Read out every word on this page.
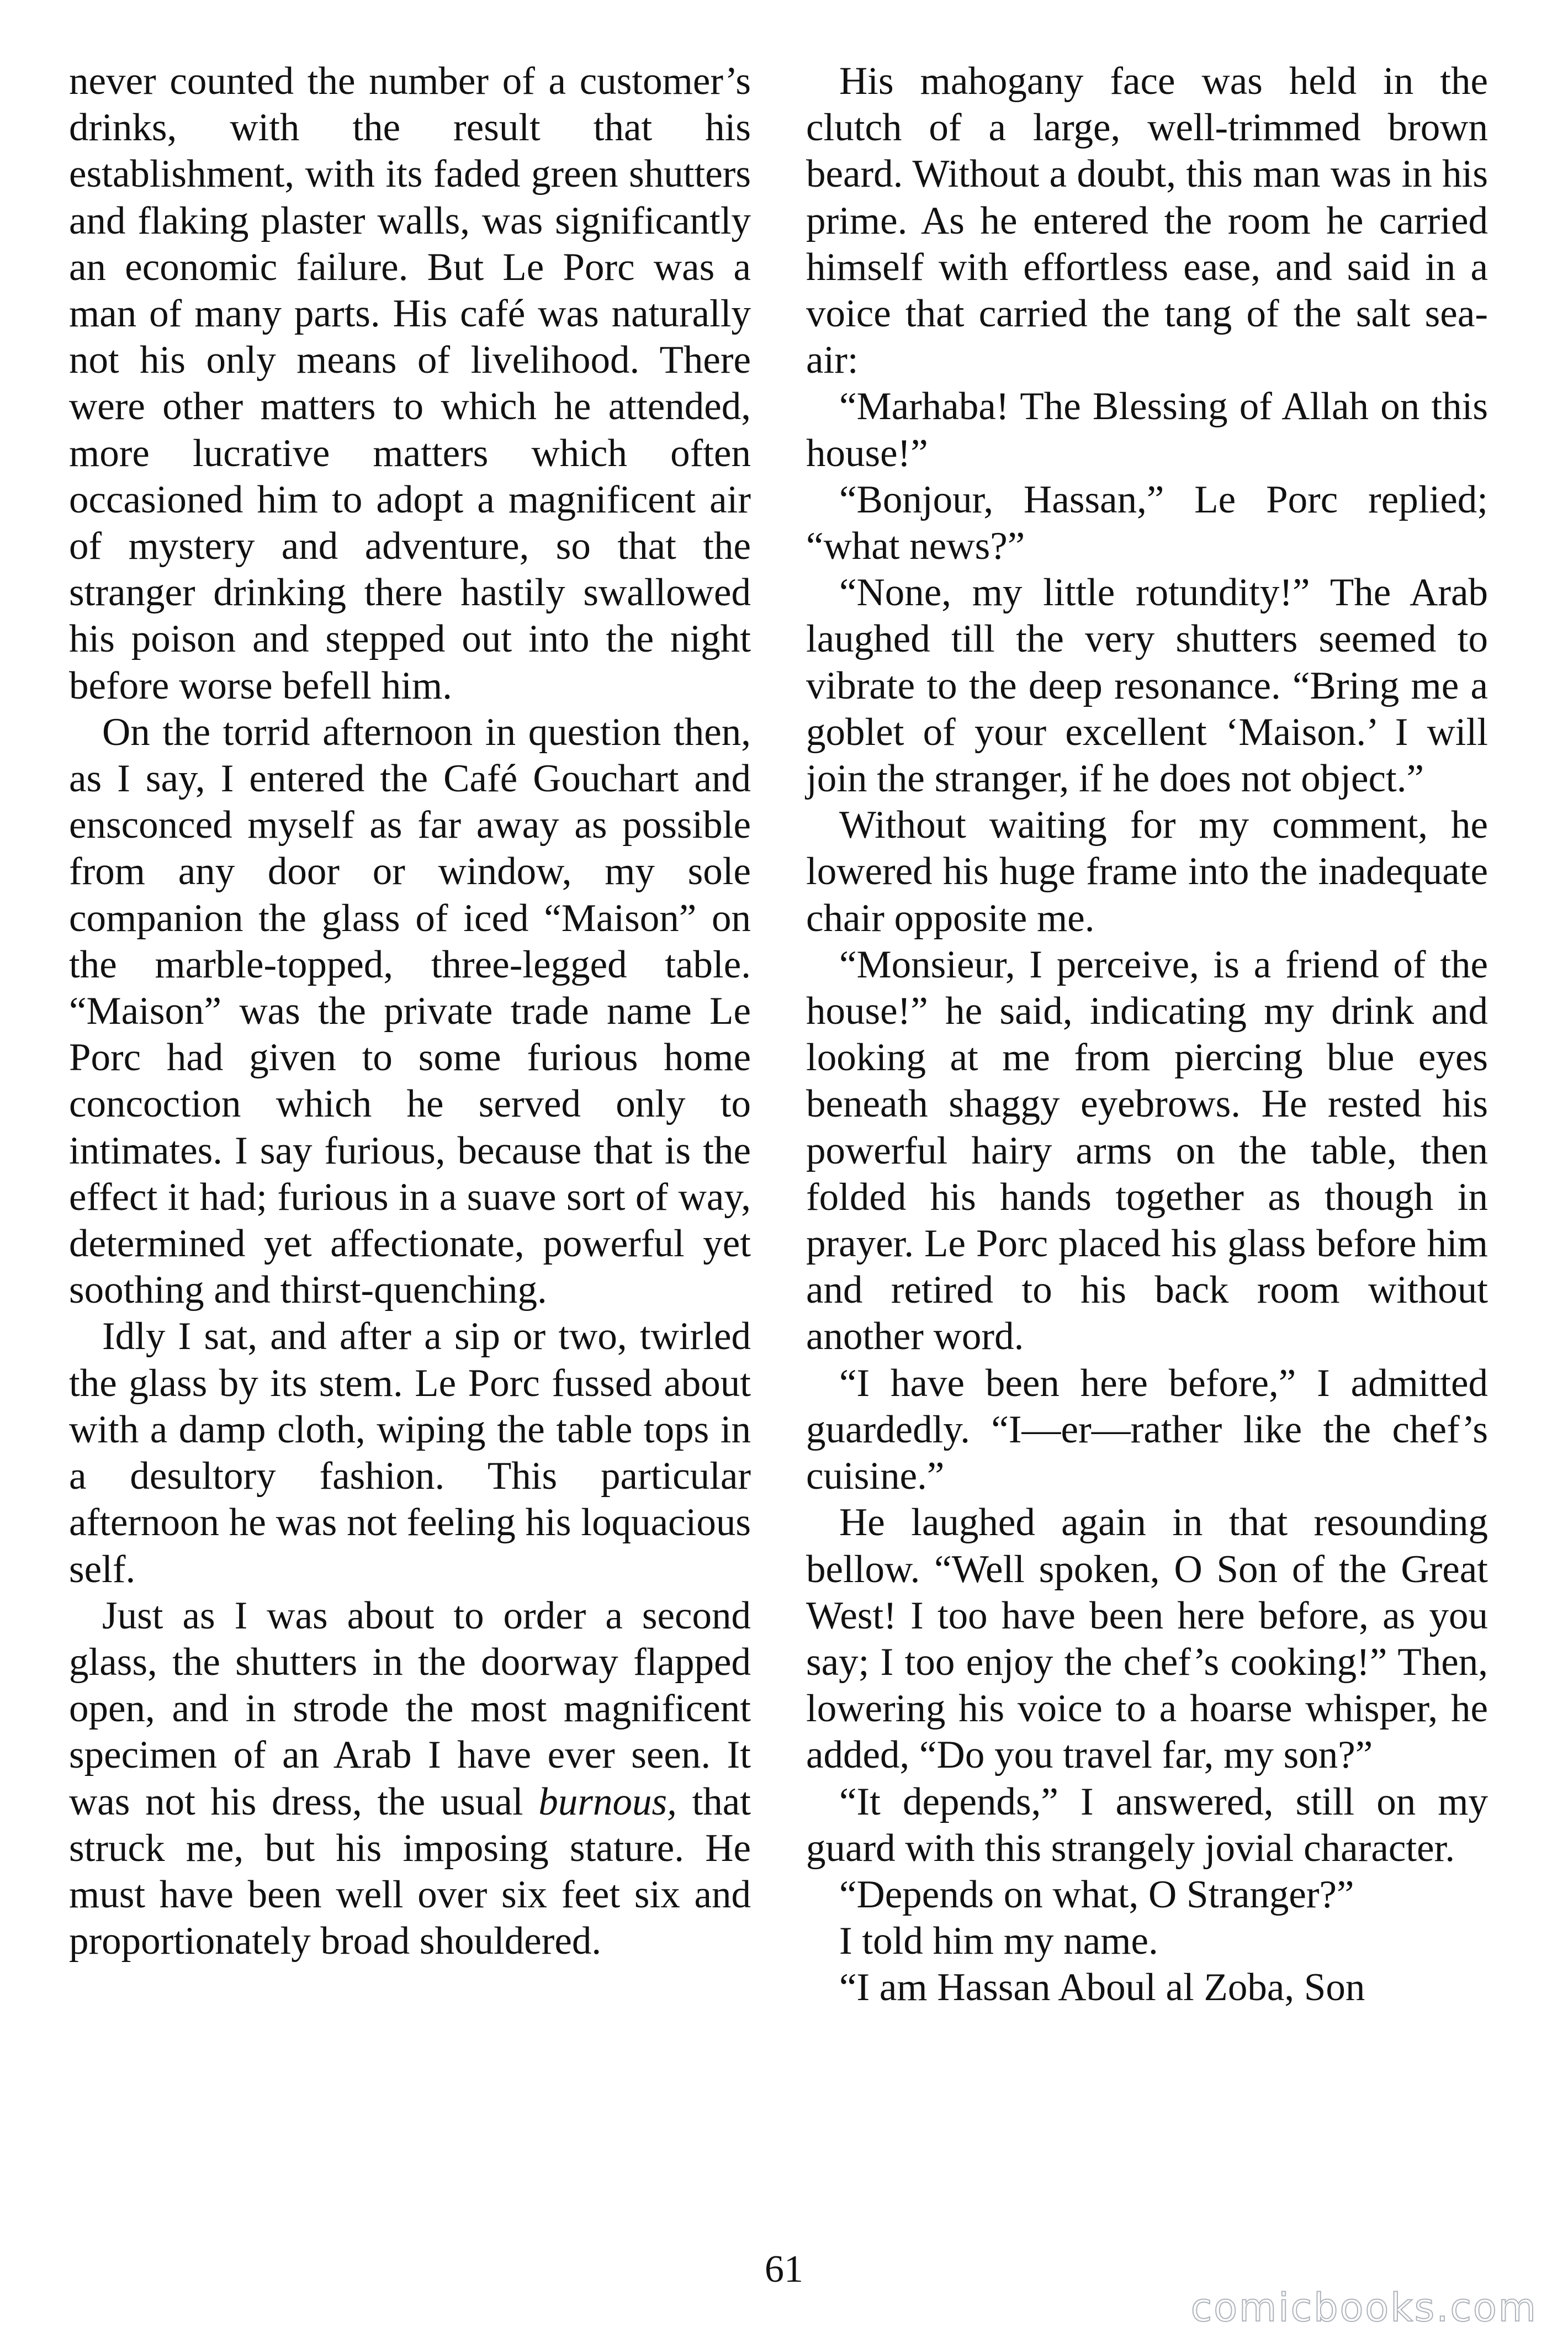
never counted the number of a customer’s drinks, with the result that his establishment, with its faded green shutters and flaking plaster walls, was significantly an economic failure. But Le Porc was a man of many parts. His café was naturally not his only means of livelihood. There were other matters to which he attended, more lucrative matters which often occasioned him to adopt a magnificent air of mystery and adventure, so that the stranger drinking there hastily swallowed his poison and stepped out into the night before worse befell him.

On the torrid afternoon in question then, as I say, I entered the Café Gouchart and ensconced myself as far away as possible from any door or window, my sole companion the glass of iced “Maison” on the marble-topped, three-legged table. “Maison” was the private trade name Le Porc had given to some furious home concoction which he served only to intimates. I say furious, because that is the effect it had; furious in a suave sort of way, determined yet affectionate, powerful yet soothing and thirst-quenching.

Idly I sat, and after a sip or two, twirled the glass by its stem. Le Porc fussed about with a damp cloth, wiping the table tops in a desultory fashion. This particular afternoon he was not feeling his loquacious self.

Just as I was about to order a second glass, the shutters in the doorway flapped open, and in strode the most magnificent specimen of an Arab I have ever seen. It was not his dress, the usual burnous, that struck me, but his imposing stature. He must have been well over six feet six and proportionately broad shouldered.

His mahogany face was held in the clutch of a large, well-trimmed brown beard. Without a doubt, this man was in his prime. As he entered the room he carried himself with effortless ease, and said in a voice that carried the tang of the salt seaair:

“Marhaba! The Blessing of Allah on this house!”

“Bonjour, Hassan,” Le Porc replied; “what news?”

“None, my little rotundity!” The Arab laughed till the very shutters seemed to vibrate to the deep resonance. “Bring me a goblet of your excellent ‘Maison.’ I will join the stranger, if he does not object.”

Without waiting for my comment, he lowered his huge frame into the inadequate chair opposite me.

“Monsieur, I perceive, is a friend of the house!” he said, indicating my drink and looking at me from piercing blue eyes beneath shaggy eyebrows. He rested his powerful hairy arms on the table, then folded his hands together as though in prayer. Le Porc placed his glass before him and retired to his back room without another word.

“I have been here before,” I admitted guardedly. “I—er—rather like the chef’s cuisine.”

He laughed again in that resounding bellow. “Well spoken, O Son of the Great West! I too have been here before, as you say; I too enjoy the chef’s cooking!” Then, lowering his voice to a hoarse whisper, he added, “Do you travel far, my son?”

“It depends,” I answered, still on my guard with this strangely jovial character.

“Depends on what, O Stranger?”

I told him my name.

“I am Hassan Aboul al Zoba, Son

61
comicbooks.com
